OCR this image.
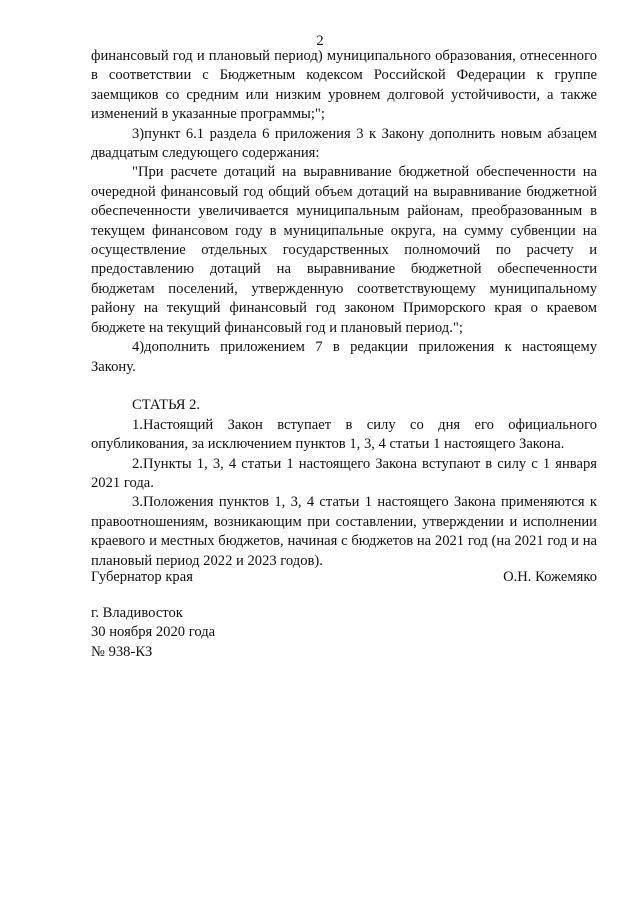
2

финансовый год и плановый период) муниципального образования, отнесенного в соответствии с Бюджетным кодексом Российской Федерации к группе заемщиков со средним или низким уровнем долговой устойчивости, а также изменений в указанные программы;";

3)пункт 6.1 раздела 6 приложения 3 к Закону дополнить новым абзацем двадцатым следующего содержания:

"При расчете дотаций на выравнивание бюджетной обеспеченности на очередной финансовый год общий объем дотаций на выравнивание бюджетной обеспеченности увеличивается муниципальным районам, преобразованным в текущем финансовом году в муниципальные округа, на сумму субвенции на осуществление отдельных государственных полномочий по расчету и предоставлению дотаций на выравнивание бюджетной обеспеченности бюджетам поселений, утвержденную соответствующему муниципальному району на текущий финансовый год законом Приморского края о краевом бюджете на текущий финансовый год и плановый период.";

4)дополнить приложением 7 в редакции приложения к настоящему Закону.

СТАТЬЯ 2.

1.Настоящий Закон вступает в силу со дня его официального опубликования, за исключением пунктов 1, 3, 4 статьи 1 настоящего Закона.

2.Пункты 1, 3, 4 статьи 1 настоящего Закона вступают в силу с 1 января 2021 года.

3.Положения пунктов 1, 3, 4 статьи 1 настоящего Закона применяются к правоотношениям, возникающим при составлении, утверждении и исполнении краевого и местных бюджетов, начиная с бюджетов на 2021 год (на 2021 год и на плановый период 2022 и 2023 годов).

Губернатор края	О.Н. Кожемяко
г. Владивосток
30 ноября 2020 года
№ 938-КЗ
